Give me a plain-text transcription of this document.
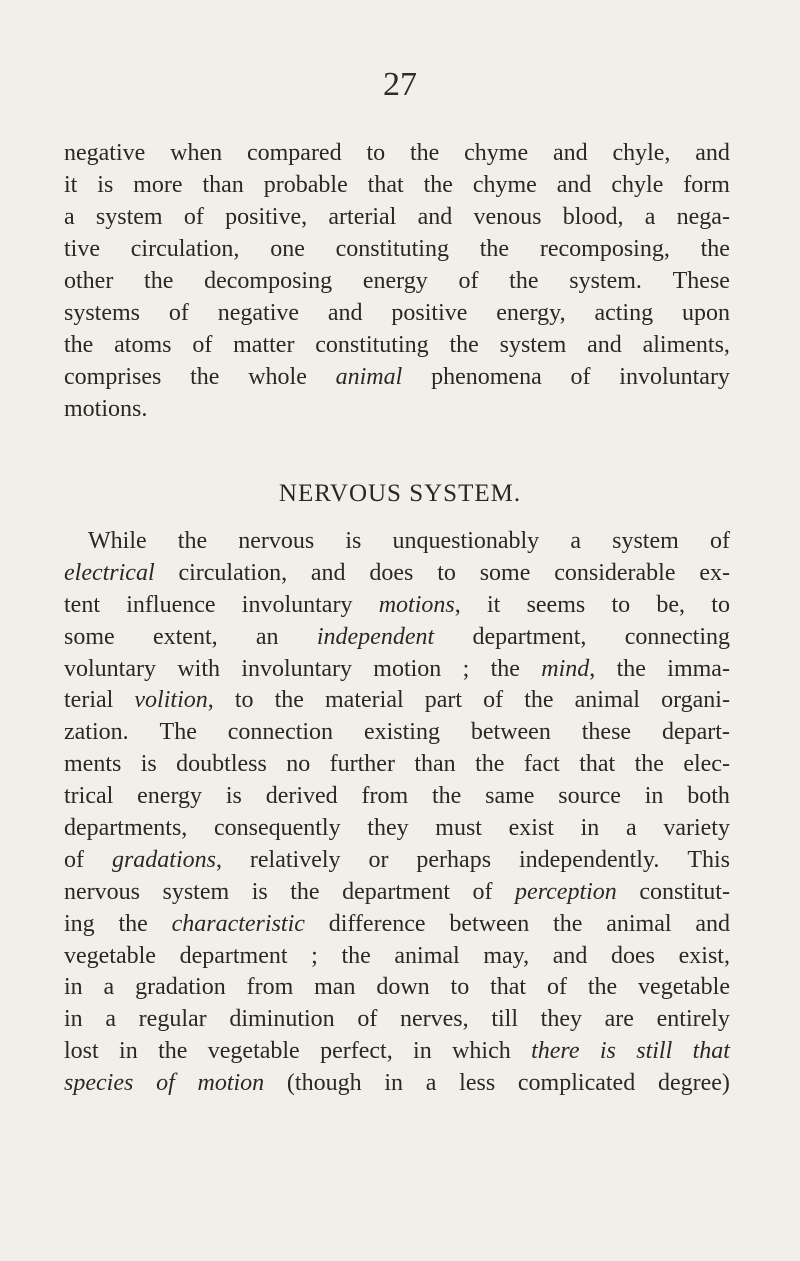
27
negative when compared to the chyme and chyle, and
it is more than probable that the chyme and chyle form
a system of positive, arterial and venous blood, a nega-
tive circulation, one constituting the recomposing, the
other the decomposing energy of the system. These
systems of negative and positive energy, acting upon
the atoms of matter constituting the system and aliments,
comprises the whole animal phenomena of involuntary
motions.
NERVOUS SYSTEM.
While the nervous is unquestionably a system of
electrical circulation, and does to some considerable ex-
tent influence involuntary motions, it seems to be, to
some extent, an independent department, connecting
voluntary with involuntary motion ; the mind, the imma-
terial volition, to the material part of the animal organi-
zation. The connection existing between these depart-
ments is doubtless no further than the fact that the elec-
trical energy is derived from the same source in both
departments, consequently they must exist in a variety
of gradations, relatively or perhaps independently. This
nervous system is the department of perception constitut-
ing the characteristic difference between the animal and
vegetable department ; the animal may, and does exist,
in a gradation from man down to that of the vegetable
in a regular diminution of nerves, till they are entirely
lost in the vegetable perfect, in which there is still that
species of motion (though in a less complicated degree)
